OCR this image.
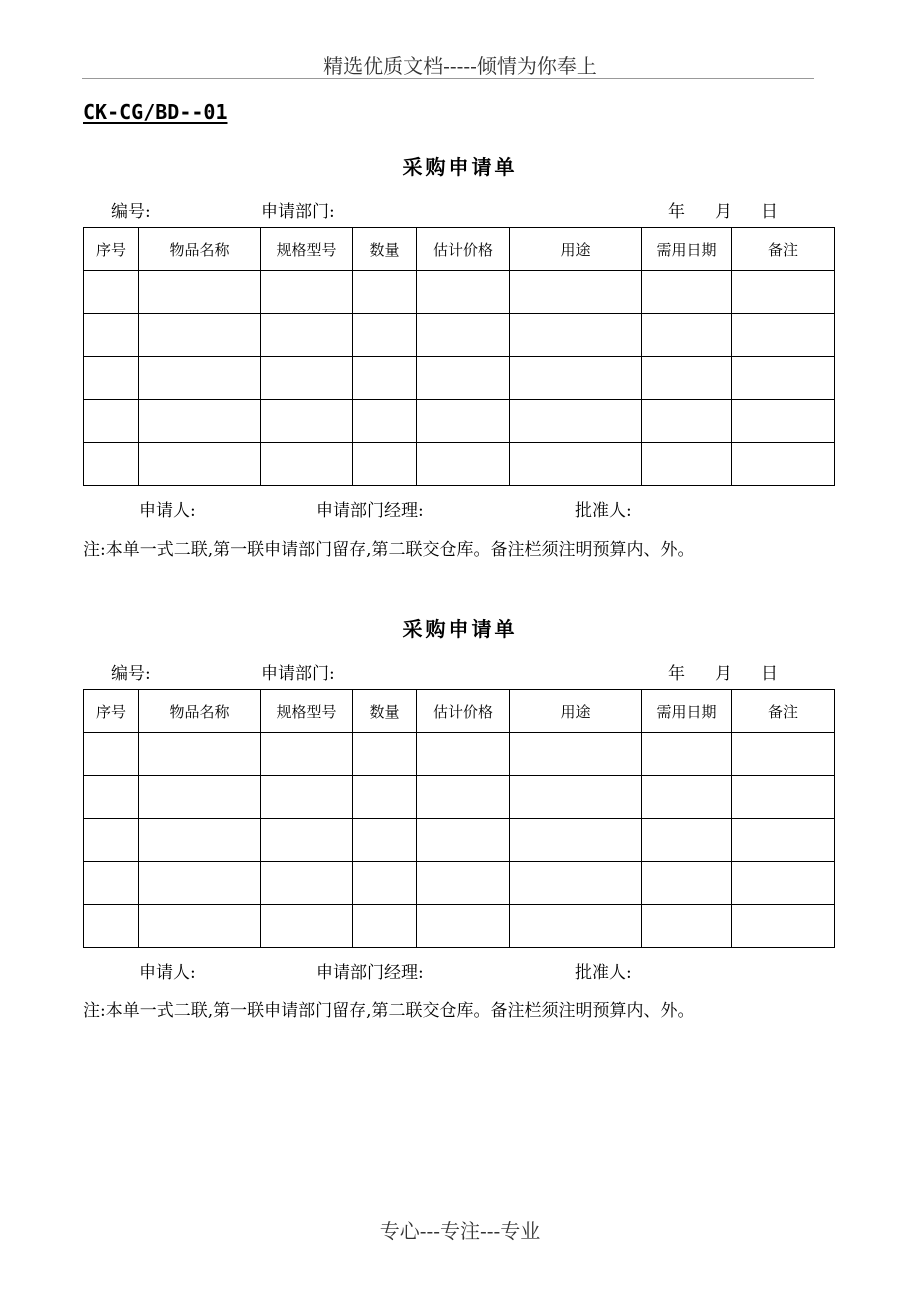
精选优质文档-----倾情为你奉上
CK-CG/BD--01
采购申请单
编号:	申请部门:	年 月 日
序号	物品名称	规格型号	数量	估计价格	用途	需用日期	备注

申请人:	申请部门经理:	批准人:
注:本单一式二联,第一联申请部门留存,第二联交仓库。备注栏须注明预算内、外。
采购申请单
编号:	申请部门:	年 月 日
序号	物品名称	规格型号	数量	估计价格	用途	需用日期	备注

申请人:	申请部门经理:	批准人:
注:本单一式二联,第一联申请部门留存,第二联交仓库。备注栏须注明预算内、外。
专心---专注---专业
